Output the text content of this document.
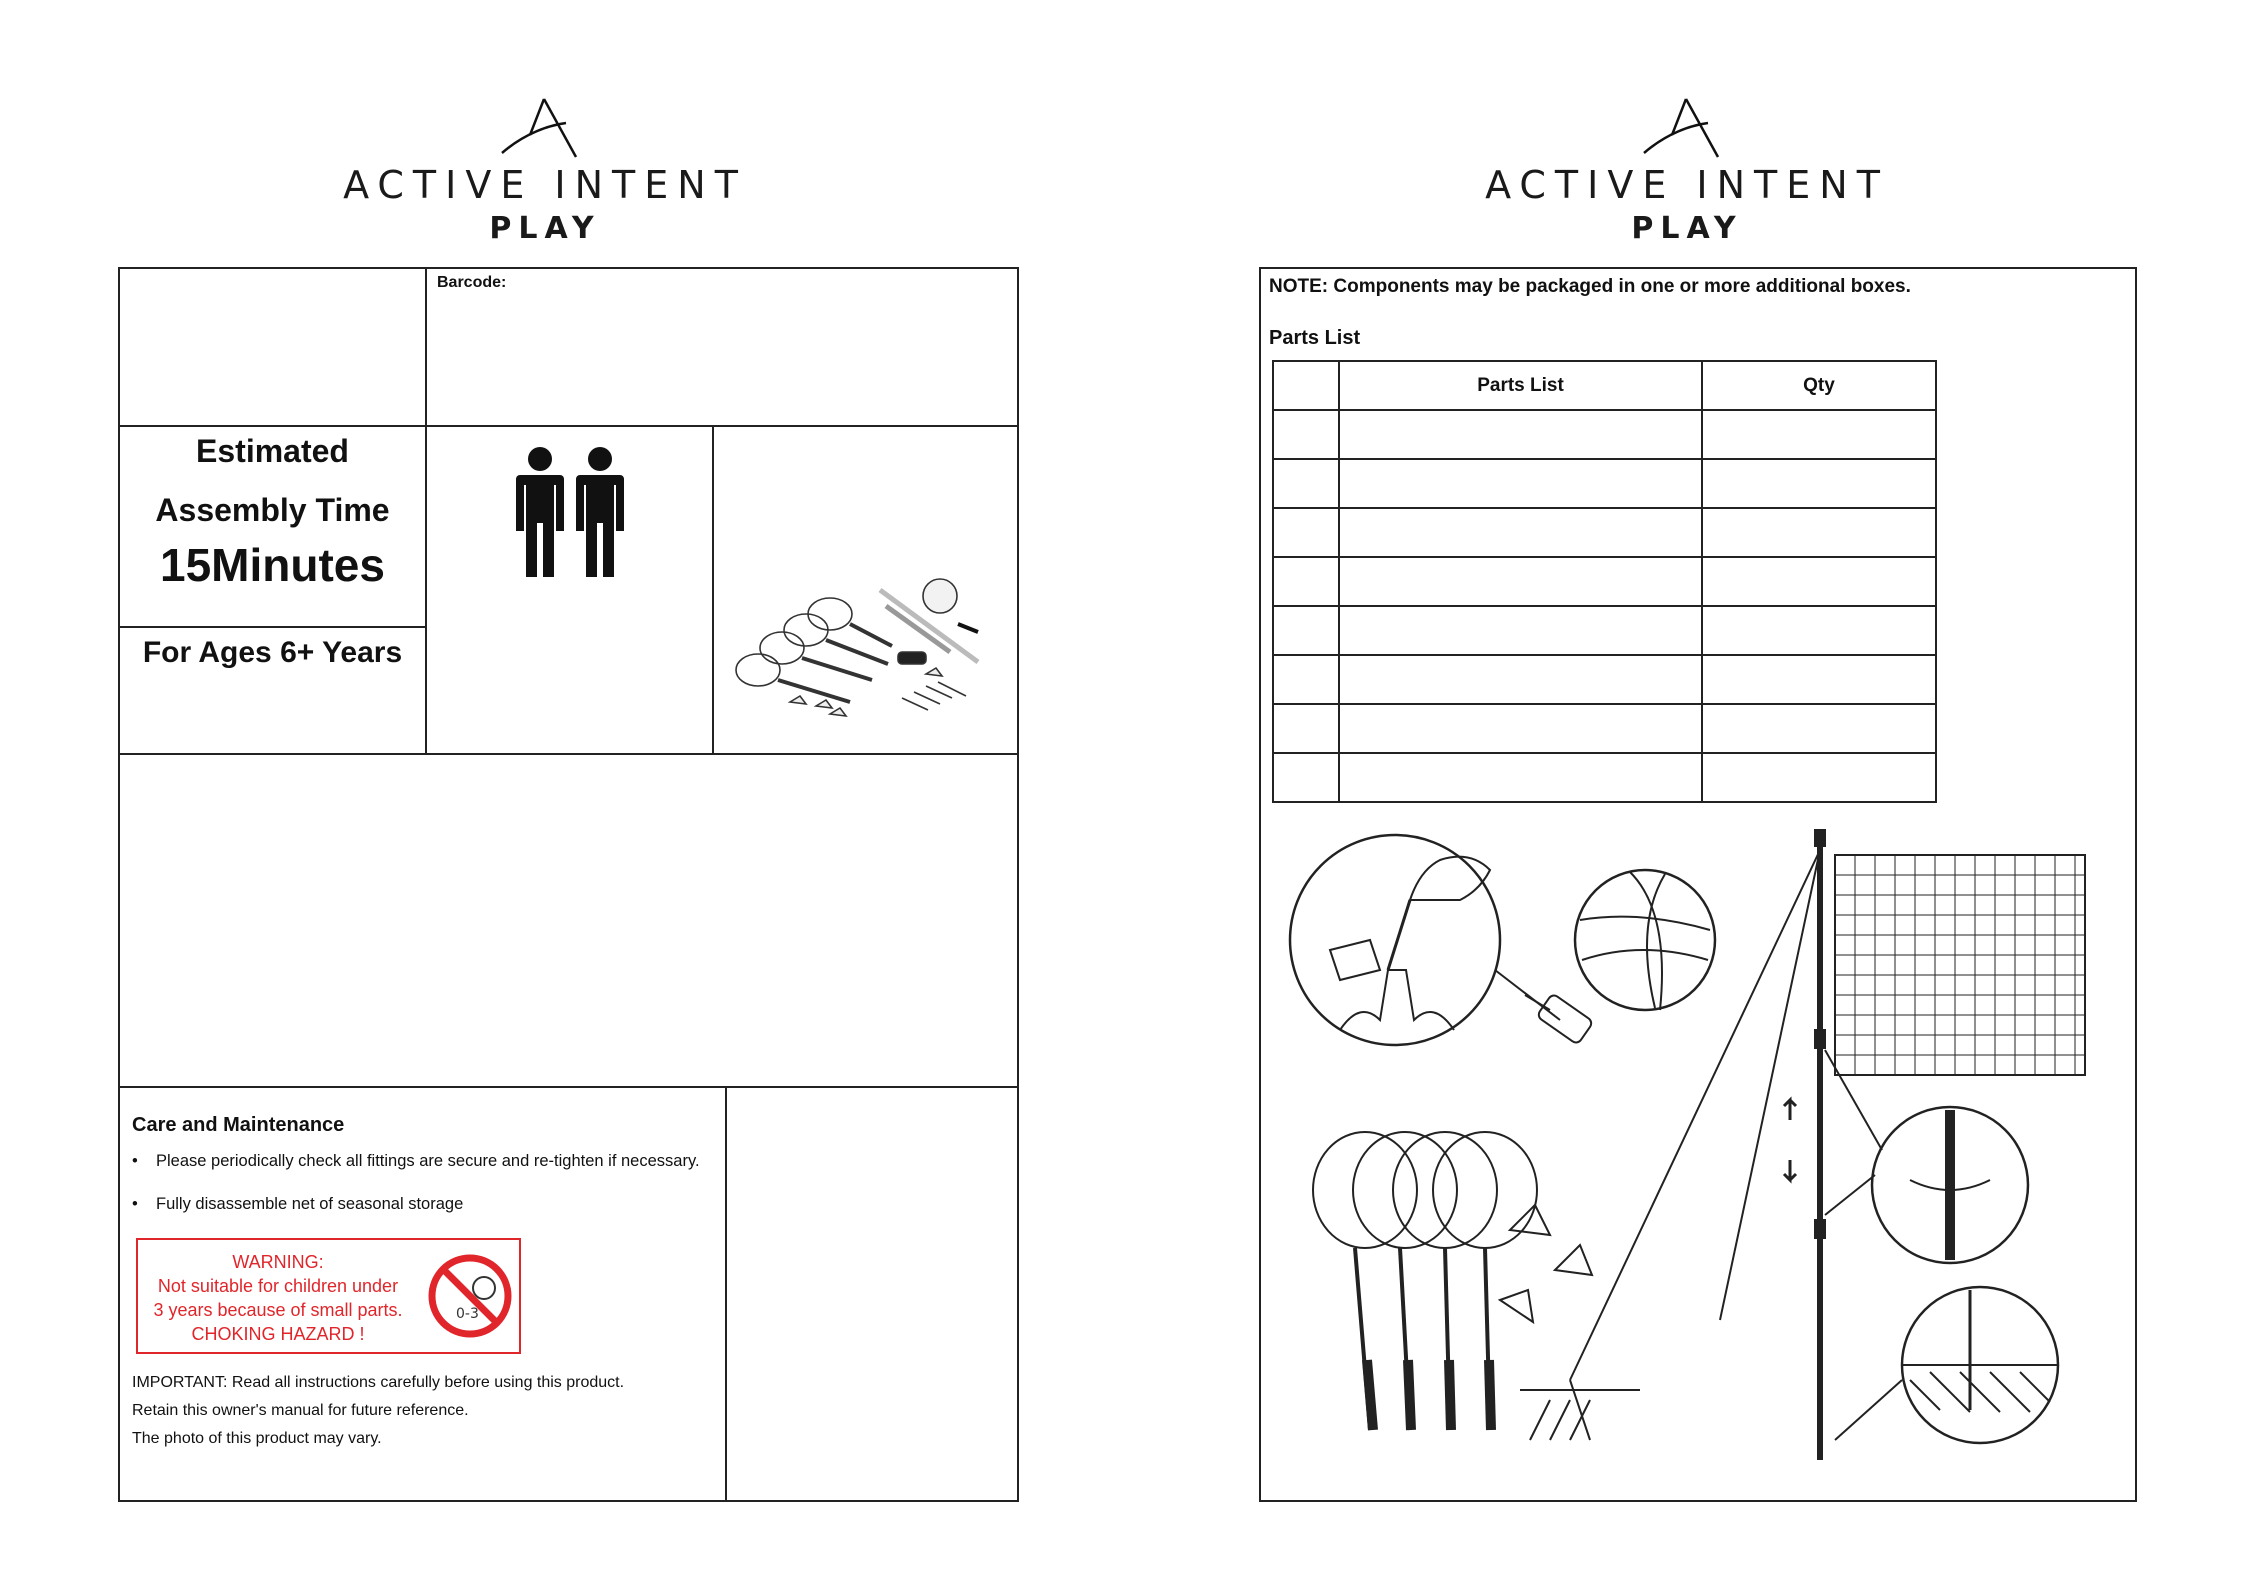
ACTIVE INTENT
PLAY
Barcode:
Estimated
Assembly Time
15Minutes
For Ages 6+ Years
Care and Maintenance
• Please periodically check all fittings are secure and re-tighten if necessary.
• Fully disassemble net of seasonal storage
WARNING:
Not suitable for children under
3 years because of small parts.
CHOKING HAZARD !
0-3
IMPORTANT: Read all instructions carefully before using this product.
Retain this owner's manual for future reference.
The photo of this product may vary.
ACTIVE INTENT
PLAY
NOTE: Components may be packaged in one or more additional boxes.
Parts List
	Parts List	Qty
